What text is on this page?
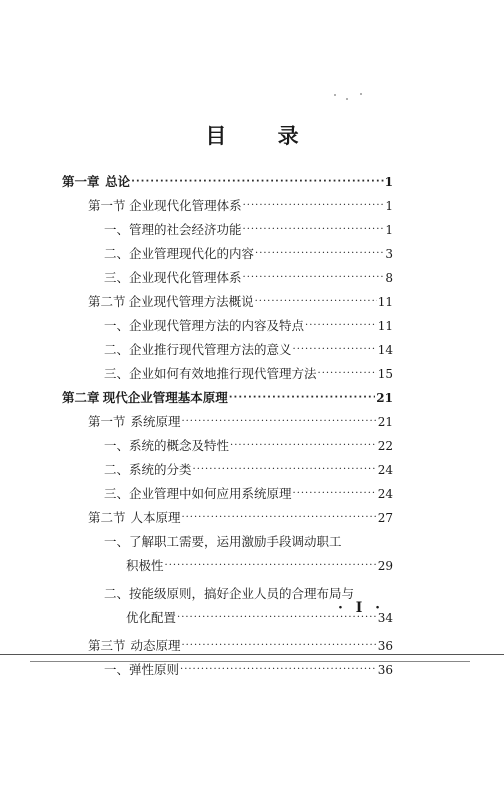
目 录
第一章 总论 ·····	1
第一节 企业现代化管理体系 ·····	1
一、管理的社会经济功能 ·····	1
二、企业管理现代化的内容 ·····	3
三、企业现代化管理体系 ·····	8
第二节 企业现代管理方法概说 ·····	11
一、企业现代管理方法的内容及特点 ·····	11
二、企业推行现代管理方法的意义 ·····	14
三、企业如何有效地推行现代管理方法 ·····	15
第二章 现代企业管理基本原理 ·····	21
第一节 系统原理 ·····	21
一、系统的概念及特性 ·····	22
二、系统的分类 ·····	24
三、企业管理中如何应用系统原理 ·····	24
第二节 人本原理 ·····	27
一、了解职工需要，运用激励手段调动职工
积极性 ·····	29
二、按能级原则，搞好企业人员的合理布局与
优化配置 ·····	34
第三节 动态原理 ·····	36
一、弹性原则 ·····	36
· I ·
